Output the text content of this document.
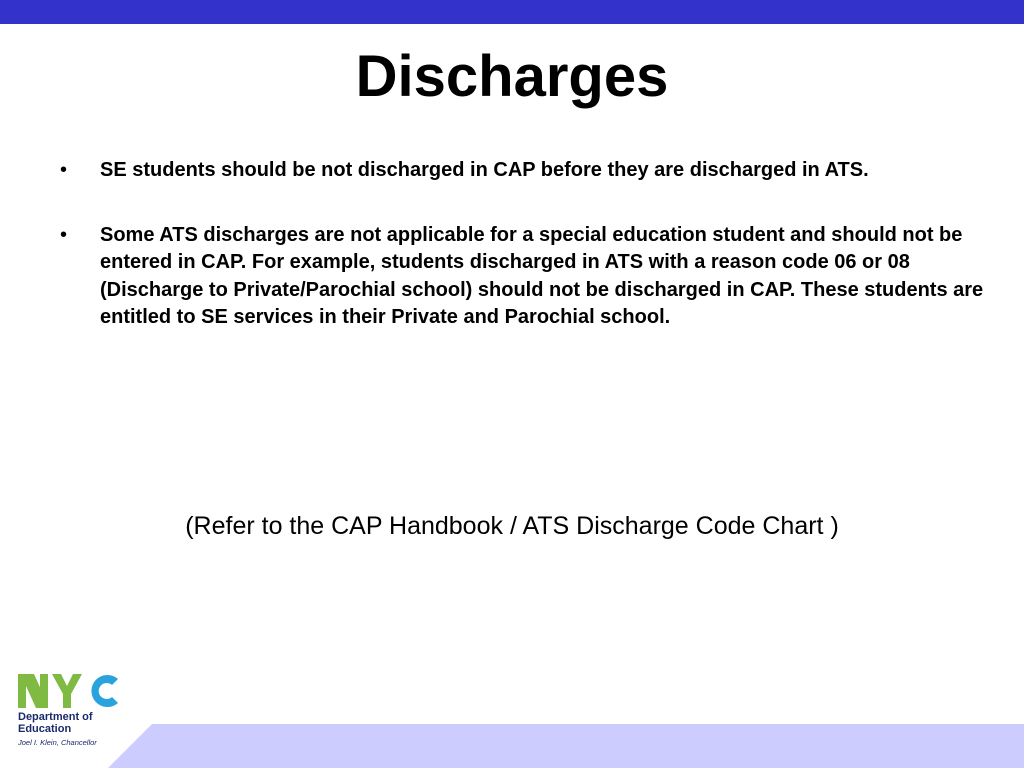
Discharges
• SE students should be not discharged in CAP before they are discharged in ATS.
• Some ATS discharges are not applicable for a special education student and should not be entered in CAP. For example, students discharged in ATS with a reason code 06 or 08 (Discharge to Private/Parochial school) should not be discharged in CAP. These students are entitled to SE services in their Private and Parochial school.

(Refer to the CAP Handbook / ATS Discharge Code Chart )

Department of
Education
Joel I. Klein, Chancellor
